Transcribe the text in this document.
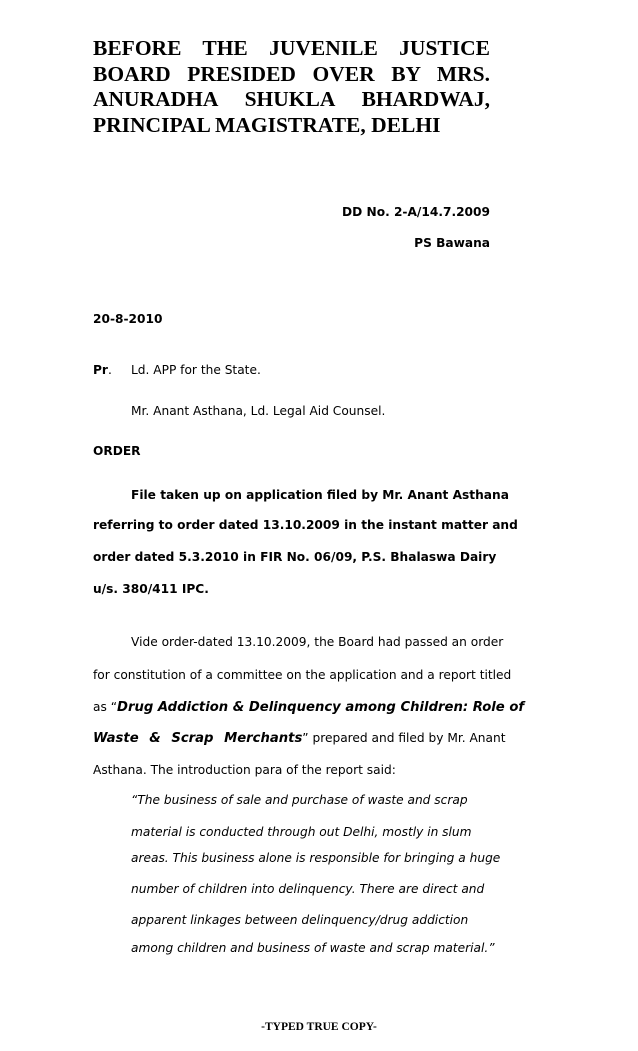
BEFORE THE JUVENILE JUSTICE BOARD PRESIDED OVER BY MRS. ANURADHA SHUKLA BHARDWAJ, PRINCIPAL MAGISTRATE, DELHI

DD No. 2-A/14.7.2009
PS Bawana
20-8-2010
Pr. Ld. APP for the State.
Mr. Anant Asthana, Ld. Legal Aid Counsel.
ORDER
File taken up on application filed by Mr. Anant Asthana
referring to order dated 13.10.2009 in the instant matter and
order dated 5.3.2010 in FIR No. 06/09, P.S. Bhalaswa Dairy
u/s. 380/411 IPC.
Vide order-dated 13.10.2009, the Board had passed an order
for constitution of a committee on the application and a report titled
as “ Drug Addiction & Delinquency among Children: Role of
Waste & Scrap Merchants ” prepared and filed by Mr. Anant
Asthana. The introduction para of the report said:
“The business of sale and purchase of waste and scrap
material is conducted through out Delhi, mostly in slum
areas. This business alone is responsible for bringing a huge
number of children into delinquency. There are direct and
apparent linkages between delinquency/drug addiction
among children and business of waste and scrap material.”
-TYPED TRUE COPY-
